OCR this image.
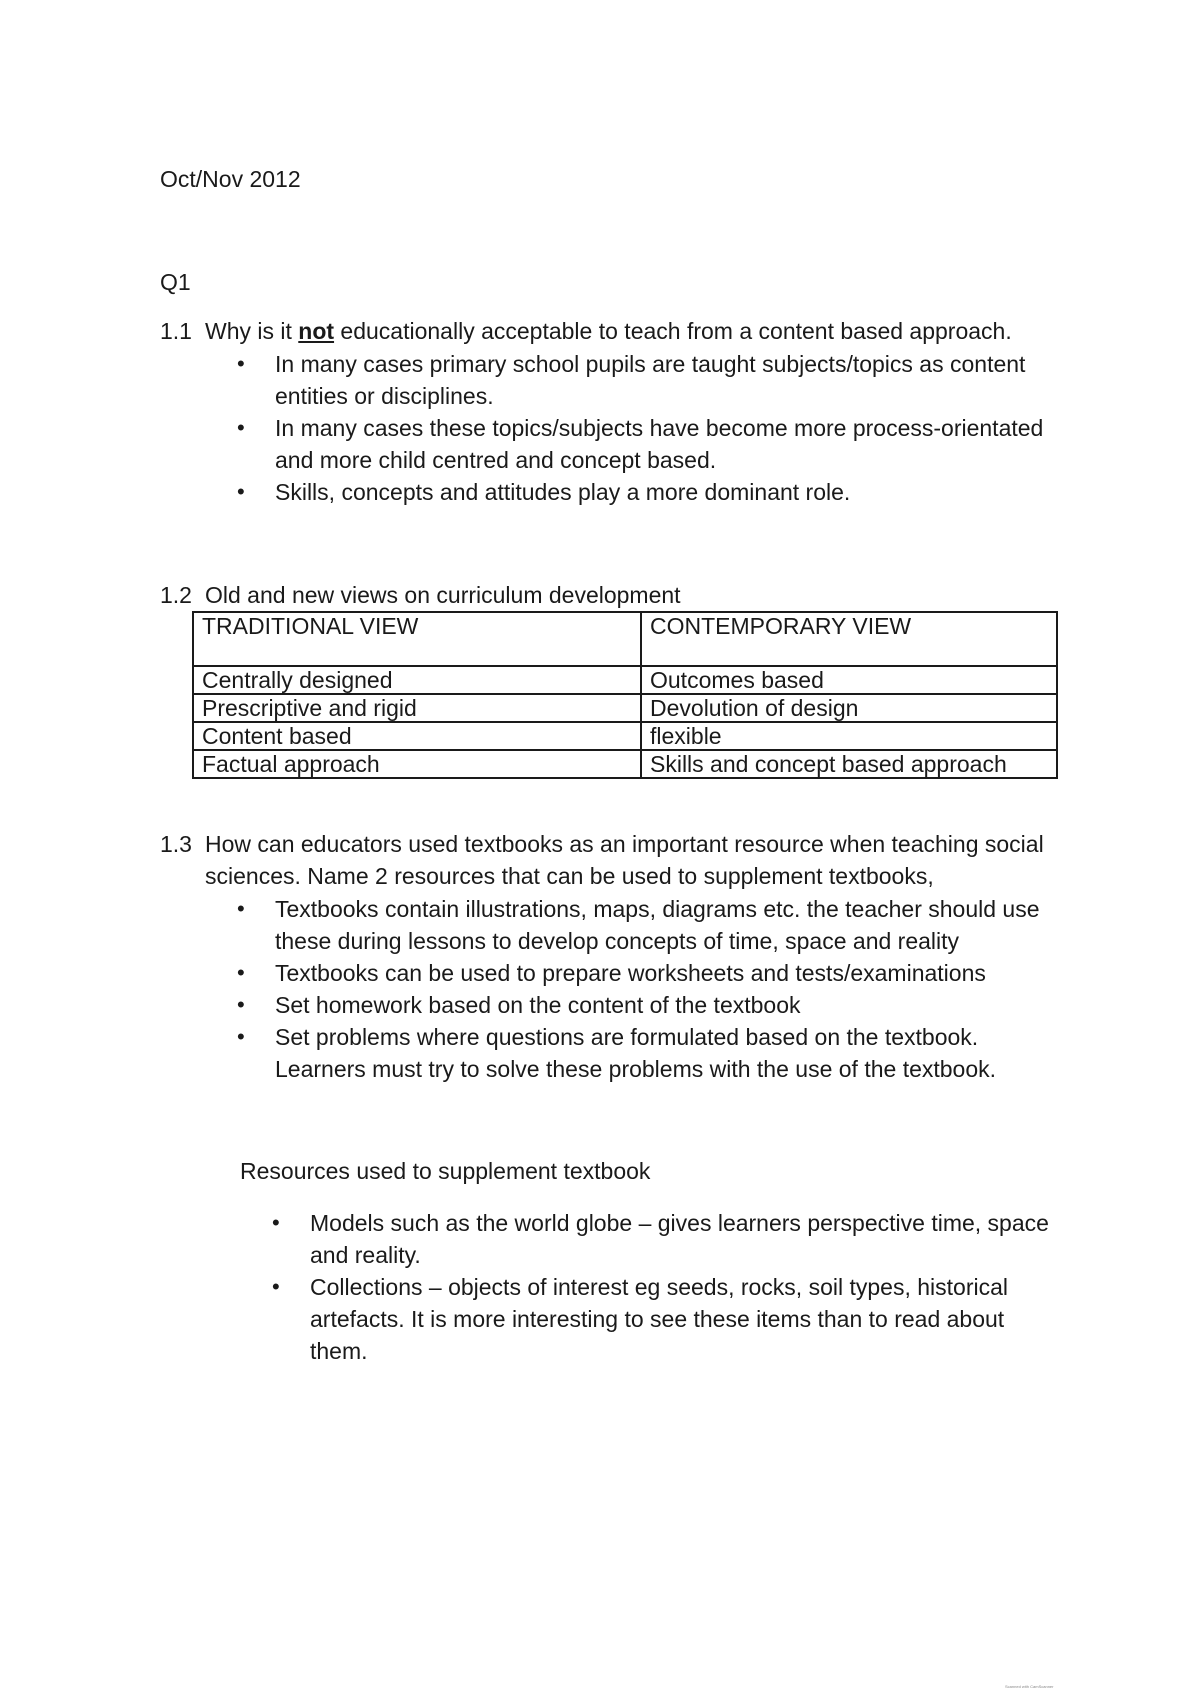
Oct/Nov 2012
Q1
1.1 Why is it not educationally acceptable to teach from a content based approach.
• In many cases primary school pupils are taught subjects/topics as content entities or disciplines.
• In many cases these topics/subjects have become more process-orientated and more child centred and concept based.
• Skills, concepts and attitudes play a more dominant role.
1.2 Old and new views on curriculum development
TRADITIONAL VIEW	CONTEMPORARY VIEW
Centrally designed	Outcomes based
Prescriptive and rigid	Devolution of design
Content based	flexible
Factual approach	Skills and concept based approach
1.3 How can educators used textbooks as an important resource when teaching social sciences. Name 2 resources that can be used to supplement textbooks,
• Textbooks contain illustrations, maps, diagrams etc. the teacher should use these during lessons to develop concepts of time, space and reality
• Textbooks can be used to prepare worksheets and tests/examinations
• Set homework based on the content of the textbook
• Set problems where questions are formulated based on the textbook. Learners must try to solve these problems with the use of the textbook.
Resources used to supplement textbook
• Models such as the world globe – gives learners perspective time, space and reality.
• Collections – objects of interest eg seeds, rocks, soil types, historical artefacts. It is more interesting to see these items than to read about them.
Scanned with CamScanner
